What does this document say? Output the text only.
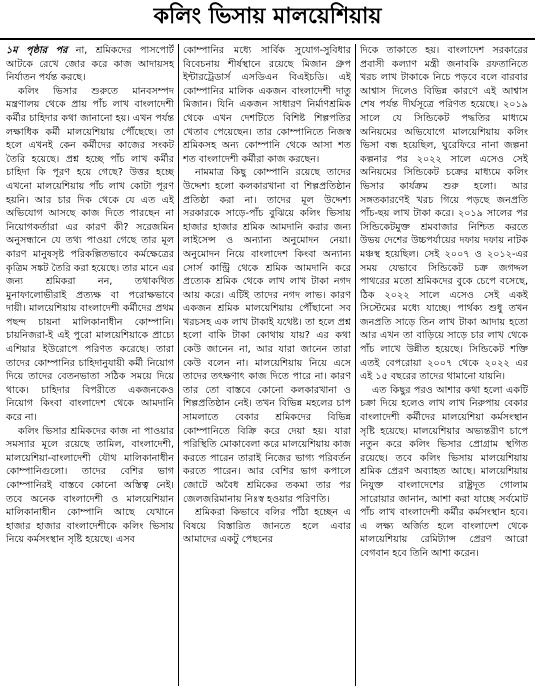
কলিং ভিসায় মালয়েশিয়ায়

১ম পৃষ্ঠার পর না, শ্রমিকদের পাসপোর্ট আটকে রেখে জোর করে কাজ আদায়সহ নির্যাতন পর্যন্ত করছে।

কলিং ভিসার শুরুতে মানবসম্পদ মন্ত্রণালয় থেকে প্রায় পাঁচ লাখ বাংলাদেশী কর্মীর চাহিদার কথা জানানো হয়। এখন পর্যন্ত লক্ষাধিক কর্মী মালয়েশিয়ায় পৌঁছেছে। তা হলে এখনই কেন কর্মীদের কাজের সংকট তৈরি হয়েছে। প্রশ্ন হচ্ছে পাঁচ লাখ কর্মীর চাহিদা কি পূরণ হয়ে গেছে? উত্তর হচ্ছে এখনো মালয়েশিয়ায় পাঁচ লাখ কোটা পূরণ হয়নি। আর চার দিক থেকে যে এত এই অভিযোগ আসছে কাজ দিতে পারছেন না নিয়োগকর্তারা এর কারণ কী? সরেজমিন অনুসন্ধানে যে তথ্য পাওয়া গেছে তার মূল কারণ মানুষসৃষ্ট পরিকল্পিতভাবে কর্মক্ষেত্রের কৃত্রিম সঙ্কট তৈরি করা হয়েছে। তার মানে এর জন্য শ্রমিকরা নন, তথাকথিত মুনাফালোভীরাই প্রত্যক্ষ বা পরোক্ষভাবে দায়ী। মালয়েশিয়ায় বাংলাদেশী কর্মীদের প্রথম পছন্দ চায়না মালিকানাধীন কোম্পানি। চায়নিজরা-ই এই পুরো মালয়েশিয়াকে প্রাচ্যে এশিয়ার ইউরোপে পরিণত করেছে। তারা তাদের কোম্পানির চাহিদানুযায়ী কর্মী নিয়োগ দিয়ে তাদের বেতনভাতা সঠিক সময়ে দিয়ে থাকে। চাহিদার বিপরীতে একজনকেও নিয়োগ কিংবা বাংলাদেশ থেকে আমদানি করে না।

কলিং ভিসার শ্রমিকদের কাজ না পাওয়ার সমস্যার মূলে রয়েছে তামিল, বাংলাদেশী, মালয়েশিয়া-বাংলাদেশী যৌথ মালিকানাধীন কোম্পানিগুলো। তাদের বেশির ভাগ কোম্পানিরই বাস্তবে কোনো অস্তিত্ব নেই। তবে অনেক বাংলাদেশী ও মালয়েশিয়ান মালিকানাধীন কোম্পানি আছে যেখানে হাজার হাজার বাংলাদেশীকে কলিং ভিসায় নিয়ে কর্মসংস্থান সৃষ্টি হয়েছে। এসব

কোম্পানির মধ্যে সার্বিক সুযোগ-সুবিধার বিবেচনায় শীর্ষস্থানে রয়েছে মিজান গ্রুপ ইন্টারট্রেডার্স এসডিএন বিএইচডি। এই কোম্পানির মালিক একজন বাংলাদেশী দাতু মিজান। যিনি একজন সাধারণ নির্মাণশ্রমিক থেকে এখন দেশটিতে বিশিষ্ট শিল্পপতির খেতাব পেয়েছেন। তার কোম্পানিতে নিজস্ব শ্রমিকসহ অন্য কোম্পানি থেকে আসা শত শত বাংলাদেশী কর্মীরা কাজ করছেন।

নামমাত্র কিছু কোম্পানি রয়েছে তাদের উদ্দেশ্য হলো কলকারখানা বা শিল্পপ্রতিষ্ঠান প্রতিষ্ঠা করা না। তাদের মূল উদ্দেশ্য সরকারকে সাড়ে-পাঁচ বুঝিয়ে কলিং ভিসায় হাজার হাজার শ্রমিক আমদানি করার জন্য লাইসেন্স ও অন্যান্য অনুমোদন নেয়া। অনুমোদন নিয়ে বাংলাদেশ কিংবা অন্যান্য সোর্স কান্ট্রি থেকে শ্রমিক আমদানি করে প্রত্যেক শ্রমিক থেকে লাখ লাখ টাকা নগদ আয় করে। এটিই তাদের নগদ লাভ। কারণ একজন শ্রমিক মালয়েশিয়ায় পৌঁছানো সব খরচসহ এক লাখ টাকাই যথেষ্ট। তা হলে প্রশ্ন হলো বাকি টাকা কোথায় যায়? এর কথা কেউ জানেন না, আর যারা জানেন তারা কেউ বলেন না। মালয়েশিয়ায় নিয়ে এসে তাদের তৎক্ষণাৎ কাজ দিতে পারে না। কারণ তার তো বাস্তবে কোনো কলকারখানা ও শিল্পপ্রতিষ্ঠান নেই। তখন বিভিন্ন মহলের চাপ সামলাতে বেকার শ্রমিকদের বিভিন্ন কোম্পানিতে বিক্রি করে দেয়া হয়। যারা পরিস্থিতি মোকাবেলা করে মালয়েশিয়ায় কাজ করতে পারেন তারাই নিজের ভাগ্য পরিবর্তন করতে পারেন। আর বেশির ভাগ কপালে জোটে অবৈধ শ্রমিকের তকমা তার পর জেলজরিমানায় নিঃস্ব হওয়ার পরিণতি।

শ্রমিকরা কিভাবে বলির পাঁঠা হচ্ছেন এ বিষয়ে বিস্তারিত জানতে হলে এবার আমাদের একটু পেছনের

দিকে তাকাতে হয়। বাংলাদেশ সরকারের প্রবাসী কল্যাণ মন্ত্রী জনাবকি রফতানিতে খরচ লাখ টাকাকে নিচে পড়বে বলে বারবার আশ্বাস দিলেও বিভিন্ন কারণে এই আশ্বাস শেষ পর্যন্ত দীর্ঘসূত্রে পরিণত হয়েছে। ২০১৯ সালে যে সিন্ডিকেট পদ্ধতির মাধ্যমে অনিয়মের অভিযোগে মালয়েশিয়ায় কলিং ভিসা বন্ধ হয়েছিল, ঘুরেফিরে নানা জল্পনা কল্পনার পর ২০২২ সালে এসেও সেই অনিয়মের সিন্ডিকেট চক্রের মাধ্যমে কলিং ভিসার কার্যক্রম শুরু হলো। আর সঙ্গতকারণেই খরচ গিয়ে পড়ছে জনপ্রতি পাঁচ-ছয় লাখ টাকা করে। ২০১৯ সালের পর সিন্ডিকেটমুক্ত শ্রমবাজার নিশ্চিত করতে উভয় দেশের উচ্চপর্যায়ের দফায় দফায় নাটক মঞ্চস্থ হয়েছিল। সেই ২০০৭ ও ২০১২-এর সময় যেভাবে সিন্ডিকেট চক্র জগদ্দল পাথরের মতো শ্রমিকদের বুকে চেপে বসেছে, ঠিক ২০২২ সালে এসেও সেই একই সিস্টেমের মধ্যে যাচ্ছে। পার্থক্য শুধু তখন জনপ্রতি সাড়ে তিন লাখ টাকা আদায় হতো আর এখন তা বাড়িয়ে সাড়ে চার লাখ থেকে পাঁচ লাখে উন্নীত হয়েছে। সিন্ডিকেট শক্তি এতই বেপরোয়া ২০০৭ থেকে ২০২২ এর এই ১৫ বছরের তাদের থামানো যায়নি।

এত কিছুর পরও আশার কথা হলো একটি চক্রা দিয়ে হলেও লাখ লাখ নিরুপায় বেকার বাংলাদেশী কর্মীদের মালয়েশিয়া কর্মসংস্থান সৃষ্টি হয়েছে। মালয়েশিয়ার অভ্যন্তরীণ চাপে নতুন করে কলিং ভিসার প্রোগ্রাম স্থগিত রয়েছে। তবে কলিং ভিসায় মালয়েশিয়ায় শ্রমিক প্রেরণ অব্যাহত আছে। মালয়েশিয়ায় নিযুক্ত বাংলাদেশের রাষ্ট্রদূত গোলাম সারোয়ার জানান, আশা করা যাচ্ছে সর্বমোট পাঁচ লাখ বাংলাদেশী কর্মীর কর্মসংস্থান হবে। এ লক্ষ্য অর্জিত হলে বাংলাদেশ থেকে মালয়েশিয়ায় রেমিট্যান্স প্রেরণ আরো বেগবান হবে তিনি আশা করেন।
